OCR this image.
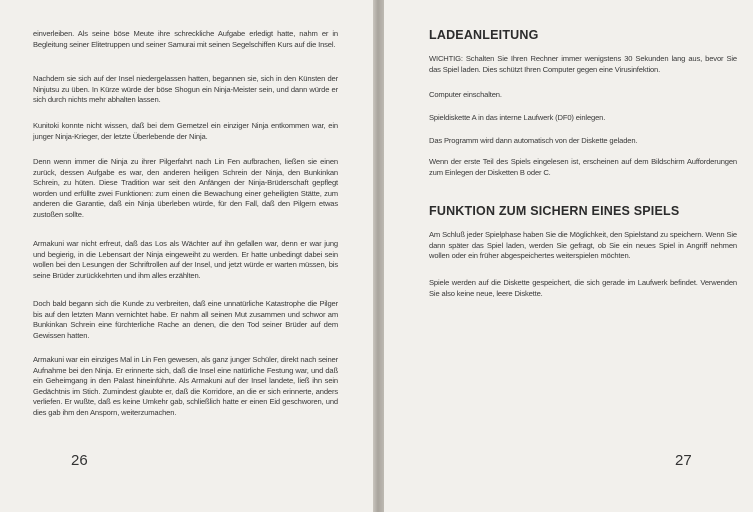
einverleiben. Als seine böse Meute ihre schreckliche Aufgabe erledigt hatte, nahm er in Begleitung seiner Elitetruppen und seiner Samurai mit seinen Segelschiffen Kurs auf die Insel.

Nachdem sie sich auf der Insel niedergelassen hatten, begannen sie, sich in den Künsten der Ninjutsu zu üben. In Kürze würde der böse Shogun ein Ninja-Meister sein, und dann würde er sich durch nichts mehr abhalten lassen.

Kunitoki konnte nicht wissen, daß bei dem Gemetzel ein einziger Ninja entkommen war, ein junger Ninja-Krieger, der letzte Überlebende der Ninja.

Denn wenn immer die Ninja zu ihrer Pilgerfahrt nach Lin Fen aufbrachen, ließen sie einen zurück, dessen Aufgabe es war, den anderen heiligen Schrein der Ninja, den Bunkinkan Schrein, zu hüten. Diese Tradition war seit den Anfängen der Ninja-Brüderschaft gepflegt worden und erfüllte zwei Funktionen: zum einen die Bewachung einer geheiligten Stätte, zum anderen die Garantie, daß ein Ninja überleben würde, für den Fall, daß den Pilgern etwas zustoßen sollte.

Armakuni war nicht erfreut, daß das Los als Wächter auf ihn gefallen war, denn er war jung und begierig, in die Lebensart der Ninja eingeweiht zu werden. Er hatte unbedingt dabei sein wollen bei den Lesungen der Schriftrollen auf der Insel, und jetzt würde er warten müssen, bis seine Brüder zurückkehrten und ihm alles erzählten.

Doch bald begann sich die Kunde zu verbreiten, daß eine unnatürliche Katastrophe die Pilger bis auf den letzten Mann vernichtet habe. Er nahm all seinen Mut zusammen und schwor am Bunkinkan Schrein eine fürchterliche Rache an denen, die den Tod seiner Brüder auf dem Gewissen hatten.

Armakuni war ein einziges Mal in Lin Fen gewesen, als ganz junger Schüler, direkt nach seiner Aufnahme bei den Ninja. Er erinnerte sich, daß die Insel eine natürliche Festung war, und daß ein Geheimgang in den Palast hineinführte. Als Armakuni auf der Insel landete, ließ ihn sein Gedächtnis im Stich. Zumindest glaubte er, daß die Korridore, an die er sich erinnerte, anders verliefen. Er wußte, daß es keine Umkehr gab, schließlich hatte er einen Eid geschworen, und dies gab ihm den Ansporn, weiterzumachen.

26

LADEANLEITUNG

WICHTIG: Schalten Sie Ihren Rechner immer wenigstens 30 Sekunden lang aus, bevor Sie das Spiel laden. Dies schützt Ihren Computer gegen eine Virusinfektion.

Computer einschalten.

Spieldiskette A in das interne Laufwerk (DF0) einlegen.

Das Programm wird dann automatisch von der Diskette geladen.

Wenn der erste Teil des Spiels eingelesen ist, erscheinen auf dem Bildschirm Aufforderungen zum Einlegen der Disketten B oder C.

FUNKTION ZUM SICHERN EINES SPIELS

Am Schluß jeder Spielphase haben Sie die Möglichkeit, den Spielstand zu speichern. Wenn Sie dann später das Spiel laden, werden Sie gefragt, ob Sie ein neues Spiel in Angriff nehmen wollen oder ein früher abgespeichertes weiterspielen möchten.

Spiele werden auf die Diskette gespeichert, die sich gerade im Laufwerk befindet. Verwenden Sie also keine neue, leere Diskette.

27
